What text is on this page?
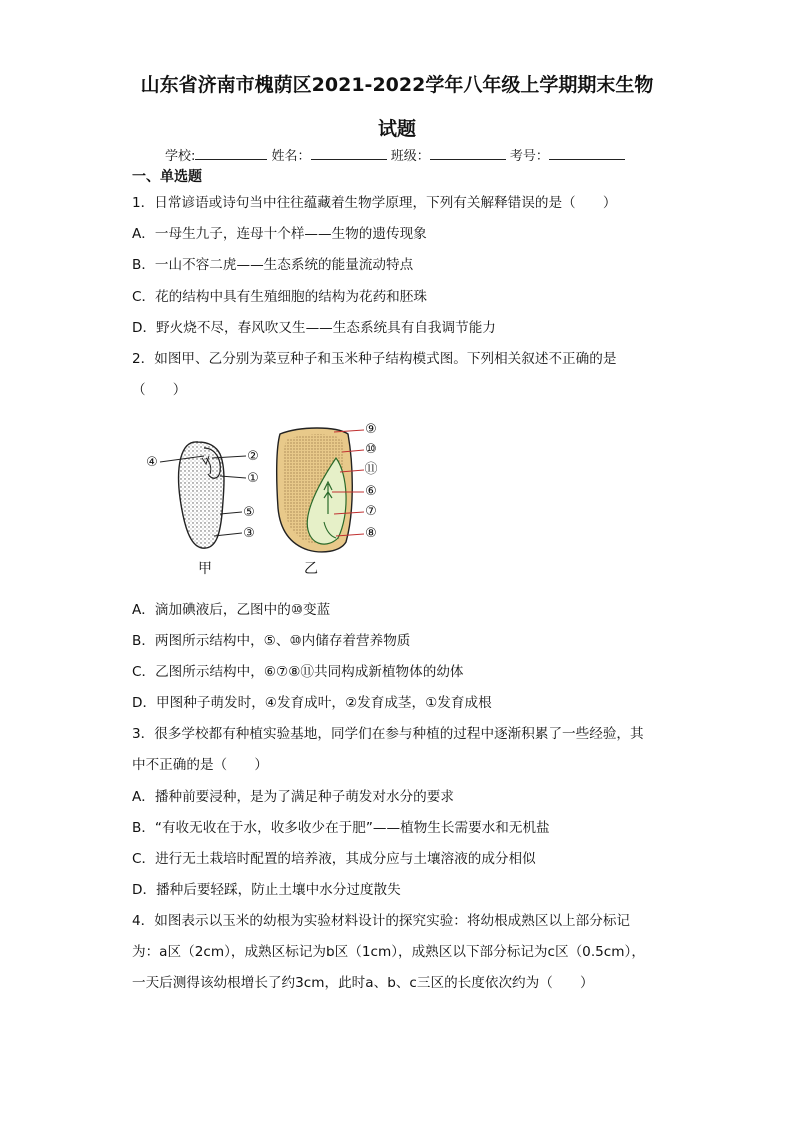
山东省济南市槐荫区2021-2022学年八年级上学期期末生物
试题
学校:	姓名：	班级：	考号：
一、单选题
1．日常谚语或诗句当中往往蕴藏着生物学原理，下列有关解释错误的是（　　）
A．一母生九子，连母十个样——生物的遗传现象
B．一山不容二虎——生态系统的能量流动特点
C．花的结构中具有生殖细胞的结构为花药和胚珠
D．野火烧不尽，春风吹又生——生态系统具有自我调节能力
2．如图甲、乙分别为菜豆种子和玉米种子结构模式图。下列相关叙述不正确的是
（　　）
④	②
①
⑤
③
⑨
⑩
⑪
⑥
⑦
⑧
甲	乙
A．滴加碘液后，乙图中的⑩变蓝
B．两图所示结构中，⑤、⑩内储存着营养物质
C．乙图所示结构中，⑥⑦⑧⑪共同构成新植物体的幼体
D．甲图种子萌发时，④发育成叶，②发育成茎，①发育成根
3．很多学校都有种植实验基地，同学们在参与种植的过程中逐渐积累了一些经验，其
中不正确的是（　　）
A．播种前要浸种，是为了满足种子萌发对水分的要求
B．“有收无收在于水，收多收少在于肥”——植物生长需要水和无机盐
C．进行无土栽培时配置的培养液，其成分应与土壤溶液的成分相似
D．播种后要轻踩，防止土壤中水分过度散失
4．如图表示以玉米的幼根为实验材料设计的探究实验：将幼根成熟区以上部分标记
为：a区（2cm），成熟区标记为b区（1cm），成熟区以下部分标记为c区（0.5cm），
一天后测得该幼根增长了约3cm，此时a、b、c三区的长度依次约为（　　）
